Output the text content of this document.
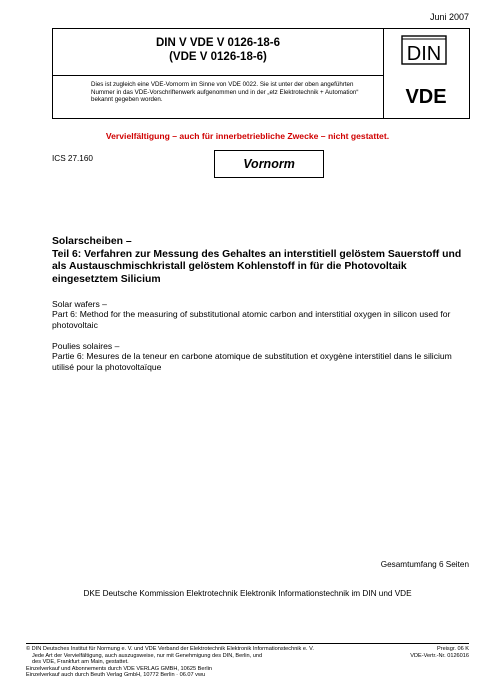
Juni 2007
DIN V VDE V 0126-18-6
(VDE V 0126-18-6)
Dies ist zugleich eine VDE-Vornorm im Sinne von VDE 0022. Sie ist unter der oben angeführten Nummer in das VDE-Vorschriftenwerk aufgenommen und in der „etz Elektrotechnik + Automation“ bekannt gegeben worden.
DIN
VDE
Vervielfältigung – auch für innerbetriebliche Zwecke – nicht gestattet.
ICS 27.160	Vornorm
Solarscheiben –
Teil 6: Verfahren zur Messung des Gehaltes an interstitiell gelöstem Sauerstoff und als Austauschmischkristall gelöstem Kohlenstoff in für die Photovoltaik eingesetztem Silicium
Solar wafers –
Part 6: Method for the measuring of substitutional atomic carbon and interstitial oxygen in silicon used for photovoltaic
Poulies solaires –
Partie 6: Mesures de la teneur en carbone atomique de substitution et oxygène interstitiel dans le silicium utilisé pour la photovoltaïque
Gesamtumfang 6 Seiten
DKE Deutsche Kommission Elektrotechnik Elektronik Informationstechnik im DIN und VDE
© DIN Deutsches Institut für Normung e. V. und VDE Verband der Elektrotechnik Elektronik Informationstechnik e. V.
Jede Art der Vervielfältigung, auch auszugsweise, nur mit Genehmigung des DIN, Berlin, und
des VDE, Frankfurt am Main, gestattet.
Einzelverkauf und Abonnements durch VDE VERLAG GMBH, 10625 Berlin
Einzelverkauf auch durch Beuth Verlag GmbH, 10772 Berlin · 06.07 vwu
Preisgr. 06 K
VDE-Vertr.-Nr. 0126016
